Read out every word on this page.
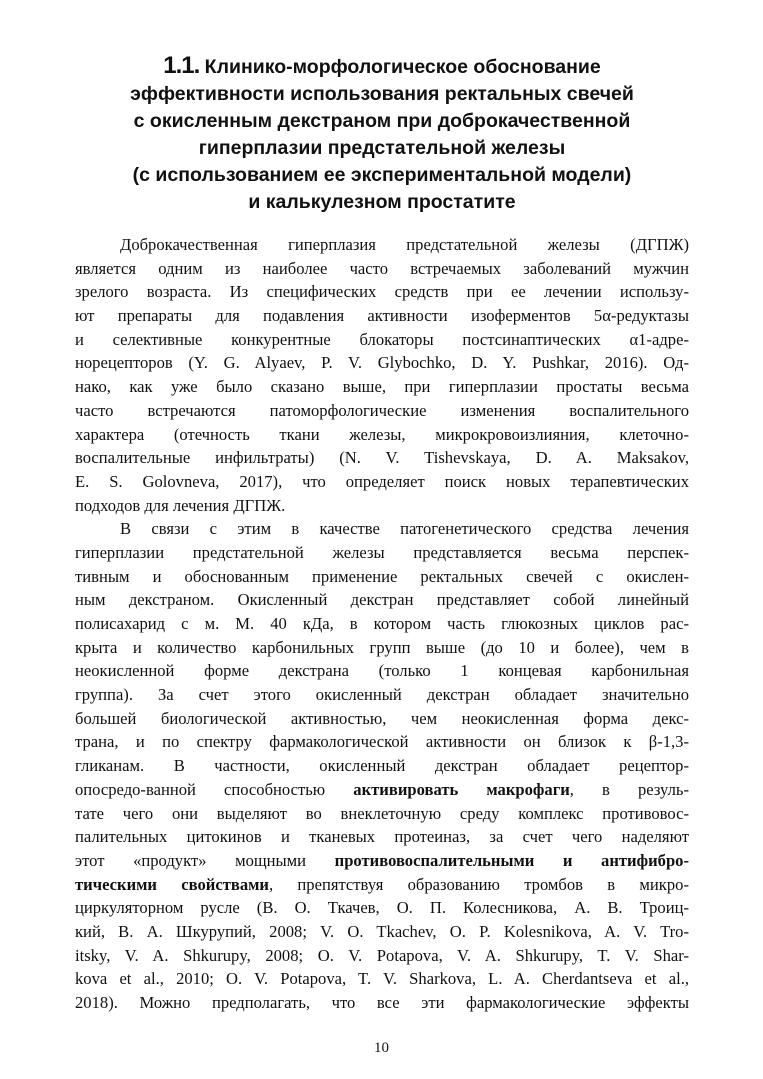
1.1. Клинико-морфологическое обоснование
эффективности использования ректальных свечей
с окисленным декстраном при доброкачественной
гиперплазии предстательной железы
(с использованием ее экспериментальной модели)
и калькулезном простатите
Доброкачественная гиперплазия предстательной железы (ДГПЖ)
является одним из наиболее часто встречаемых заболеваний мужчин
зрелого возраста. Из специфических средств при ее лечении использу-
ют препараты для подавления активности изоферментов 5α-редуктазы
и селективные конкурентные блокаторы постсинаптических α1-адре-
норецепторов (Y. G. Alyaev, P. V. Glybochko, D. Y. Pushkar, 2016). Од-
нако, как уже было сказано выше, при гиперплазии простаты весьма
часто встречаются патоморфологические изменения воспалительного
характера (отечность ткани железы, микрокровоизлияния, клеточно-
воспалительные инфильтраты) (N. V. Tishevskaya, D. A. Maksakov,
E. S. Golovneva, 2017), что определяет поиск новых терапевтических
подходов для лечения ДГПЖ.
В связи с этим в качестве патогенетического средства лечения
гиперплазии предстательной железы представляется весьма перспек-
тивным и обоснованным применение ректальных свечей с окислен-
ным декстраном. Окисленный декстран представляет собой линейный
полисахарид с м. М. 40 кДа, в котором часть глюкозных циклов рас-
крыта и количество карбонильных групп выше (до 10 и более), чем в
неокисленной форме декстрана (только 1 концевая карбонильная
группа). За счет этого окисленный декстран обладает значительно
большей биологической активностью, чем неокисленная форма декс-
трана, и по спектру фармакологической активности он близок к β-1,3-
гликанам. В частности, окисленный декстран обладает рецептор-
опосредо-ванной способностью активировать макрофаги, в резуль-
тате чего они выделяют во внеклеточную среду комплекс противовос-
палительных цитокинов и тканевых протеиназ, за счет чего наделяют
этот «продукт» мощными противовоспалительными и антифибро-
тическими свойствами, препятствуя образованию тромбов в микро-
циркуляторном русле (В. О. Ткачев, О. П. Колесникова, А. В. Троиц-
кий, В. А. Шкурупий, 2008; V. O. Tkachev, O. P. Kolesnikova, A. V. Tro-
itsky, V. A. Shkurupy, 2008; O. V. Potapova, V. A. Shkurupy, T. V. Shar-
kova et al., 2010; O. V. Potapova, T. V. Sharkova, L. A. Cherdantseva et al.,
2018). Можно предполагать, что все эти фармакологические эффекты
10
